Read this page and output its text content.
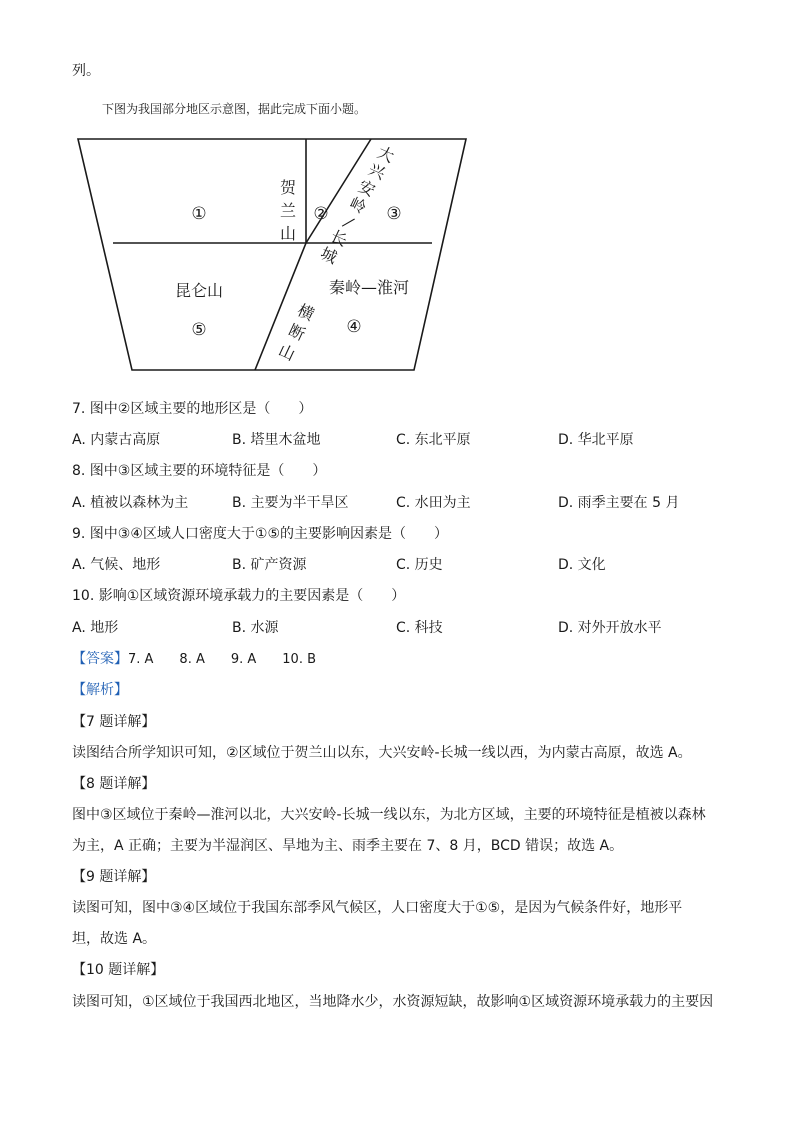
列。
下图为我国部分地区示意图，据此完成下面小题。
①	②	③
④
⑤
贺
兰
山
大
兴
安
岭
—
长
城
昆仑山	秦岭—淮河
横
断
山
7. 图中②区域主要的地形区是（　　）
A. 内蒙古高原	B. 塔里木盆地	C. 东北平原	D. 华北平原
8. 图中③区域主要的环境特征是（　　）
A. 植被以森林为主	B. 主要为半干旱区	C. 水田为主	D. 雨季主要在 5 月
9. 图中③④区域人口密度大于①⑤的主要影响因素是（　　）
A. 气候、地形	B. 矿产资源	C. 历史	D. 文化
10. 影响①区域资源环境承载力的主要因素是（　　）
A. 地形	B. 水源	C. 科技	D. 对外开放水平
【答案】7. A　　8. A　　9. A　　10. B
【解析】
【7 题详解】
读图结合所学知识可知，②区域位于贺兰山以东，大兴安岭-长城一线以西，为内蒙古高原，故选 A。
【8 题详解】
图中③区域位于秦岭—淮河以北，大兴安岭-长城一线以东，为北方区域，主要的环境特征是植被以森林
为主，A 正确；主要为半湿润区、旱地为主、雨季主要在 7、8 月，BCD 错误；故选 A。
【9 题详解】
读图可知，图中③④区域位于我国东部季风气候区，人口密度大于①⑤，是因为气候条件好，地形平
坦，故选 A。
【10 题详解】
读图可知，①区域位于我国西北地区，当地降水少，水资源短缺，故影响①区域资源环境承载力的主要因
